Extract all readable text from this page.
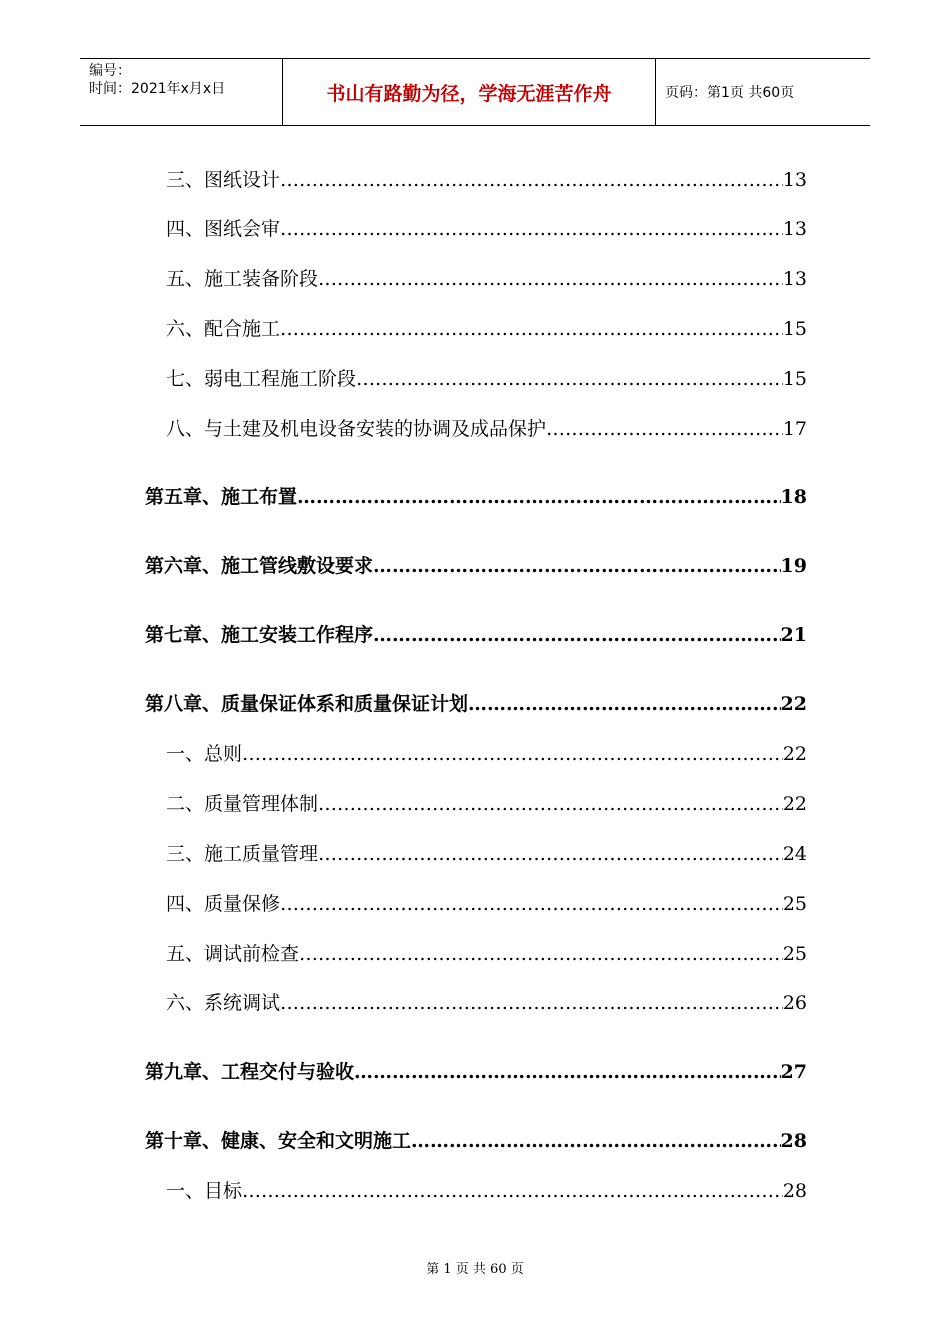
编号：
时间：2021年x月x日	书山有路勤为径，学海无涯苦作舟	页码：第1页 共60页
三、图纸设计 ……………………………………………………………………………………………………………………………………………	13
四、图纸会审 ……………………………………………………………………………………………………………………………………………	13
五、施工装备阶段 ……………………………………………………………………………………………………………………………………………	13
六、配合施工 ……………………………………………………………………………………………………………………………………………	15
七、弱电工程施工阶段 ……………………………………………………………………………………………………………………………………………	15
八、与土建及机电设备安装的协调及成品保护 ……………………………………………………………………………………………………………………………………………	17
第五章、施工布置 ……………………………………………………………………………………………………………………………………………	18
第六章、施工管线敷设要求 ……………………………………………………………………………………………………………………………………………	19
第七章、施工安装工作程序 ……………………………………………………………………………………………………………………………………………	21
第八章、质量保证体系和质量保证计划 ……………………………………………………………………………………………………………………………………………	22
一、总则 ……………………………………………………………………………………………………………………………………………	22
二、质量管理体制 ……………………………………………………………………………………………………………………………………………	22
三、施工质量管理 ……………………………………………………………………………………………………………………………………………	24
四、质量保修 ……………………………………………………………………………………………………………………………………………	25
五、调试前检查 ……………………………………………………………………………………………………………………………………………	25
六、系统调试 ……………………………………………………………………………………………………………………………………………	26
第九章、工程交付与验收 ……………………………………………………………………………………………………………………………………………	27
第十章、健康、安全和文明施工 ……………………………………………………………………………………………………………………………………………	28
一、目标 ……………………………………………………………………………………………………………………………………………	28
第 1 页 共 60 页
